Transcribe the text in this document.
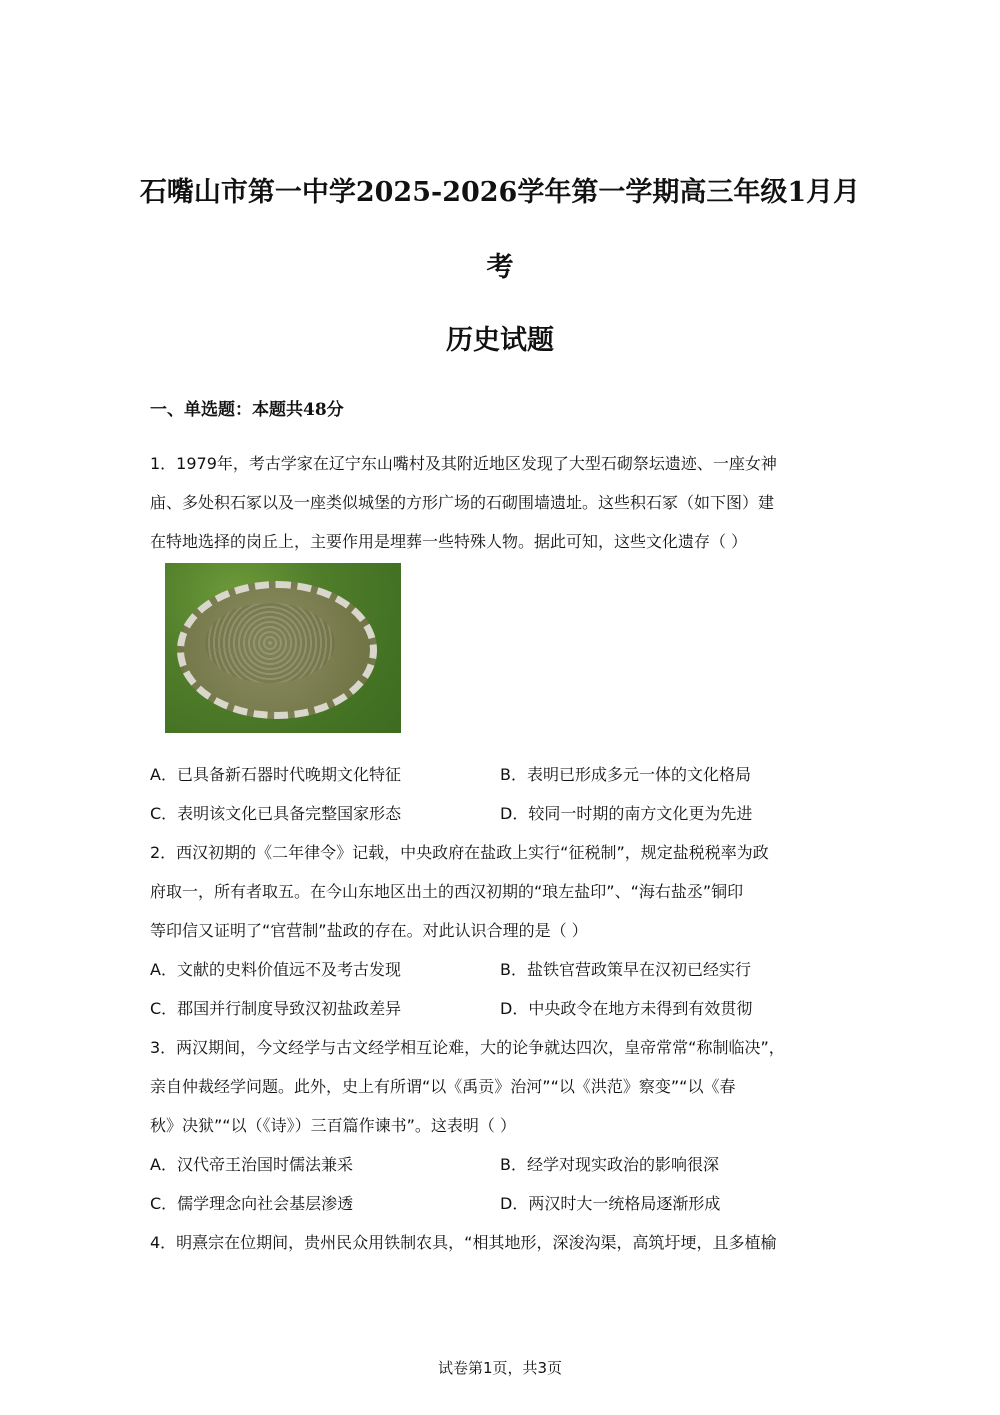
石嘴山市第一中学2025-2026学年第一学期高三年级1月月
考
历史试题
一、单选题：本题共48分
1．1979年，考古学家在辽宁东山嘴村及其附近地区发现了大型石砌祭坛遗迹、一座女神
庙、多处积石冢以及一座类似城堡的方形广场的石砌围墙遗址。这些积石冢（如下图）建
在特地选择的岗丘上，主要作用是埋葬一些特殊人物。据此可知，这些文化遗存（ ）
A．已具备新石器时代晚期文化特征	B．表明已形成多元一体的文化格局
C．表明该文化已具备完整国家形态	D．较同一时期的南方文化更为先进
2．西汉初期的《二年律令》记载，中央政府在盐政上实行“征税制”，规定盐税税率为政
府取一，所有者取五。在今山东地区出土的西汉初期的“琅左盐印”、“海右盐丞”铜印
等印信又证明了“官营制”盐政的存在。对此认识合理的是（ ）
A．文献的史料价值远不及考古发现	B．盐铁官营政策早在汉初已经实行
C．郡国并行制度导致汉初盐政差异	D．中央政令在地方未得到有效贯彻
3．两汉期间，今文经学与古文经学相互论难，大的论争就达四次，皇帝常常“称制临决”，
亲自仲裁经学问题。此外，史上有所谓“以《禹贡》治河”“以《洪范》察变”“以《春
秋》决狱”“以（《诗》）三百篇作谏书”。这表明（ ）
A．汉代帝王治国时儒法兼采	B．经学对现实政治的影响很深
C．儒学理念向社会基层渗透	D．两汉时大一统格局逐渐形成
4．明熹宗在位期间，贵州民众用铁制农具，“相其地形，深浚沟渠，高筑圩埂，且多植榆
试卷第1页，共3页
